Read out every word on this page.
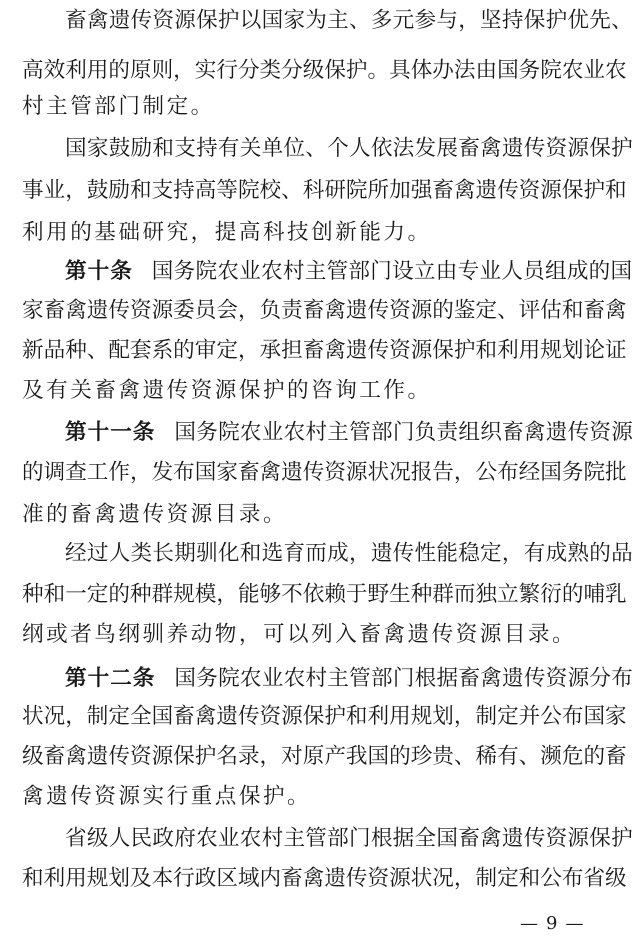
畜禽遗传资源保护以国家为主、多元参与，坚持保护优先、
高效利用的原则，实行分类分级保护。具体办法由国务院农业农
村主管部门制定。

国家鼓励和支持有关单位、个人依法发展畜禽遗传资源保护
事业，鼓励和支持高等院校、科研院所加强畜禽遗传资源保护和
利用的基础研究，提高科技创新能力。

第十条 国务院农业农村主管部门设立由专业人员组成的国
家畜禽遗传资源委员会，负责畜禽遗传资源的鉴定、评估和畜禽
新品种、配套系的审定，承担畜禽遗传资源保护和利用规划论证
及有关畜禽遗传资源保护的咨询工作。

第十一条 国务院农业农村主管部门负责组织畜禽遗传资源
的调查工作，发布国家畜禽遗传资源状况报告，公布经国务院批
准的畜禽遗传资源目录。

经过人类长期驯化和选育而成，遗传性能稳定，有成熟的品
种和一定的种群规模，能够不依赖于野生种群而独立繁衍的哺乳
纲或者鸟纲驯养动物，可以列入畜禽遗传资源目录。

第十二条 国务院农业农村主管部门根据畜禽遗传资源分布
状况，制定全国畜禽遗传资源保护和利用规划，制定并公布国家
级畜禽遗传资源保护名录，对原产我国的珍贵、稀有、濒危的畜
禽遗传资源实行重点保护。

省级人民政府农业农村主管部门根据全国畜禽遗传资源保护
和利用规划及本行政区域内畜禽遗传资源状况，制定和公布省级

— 9 —
